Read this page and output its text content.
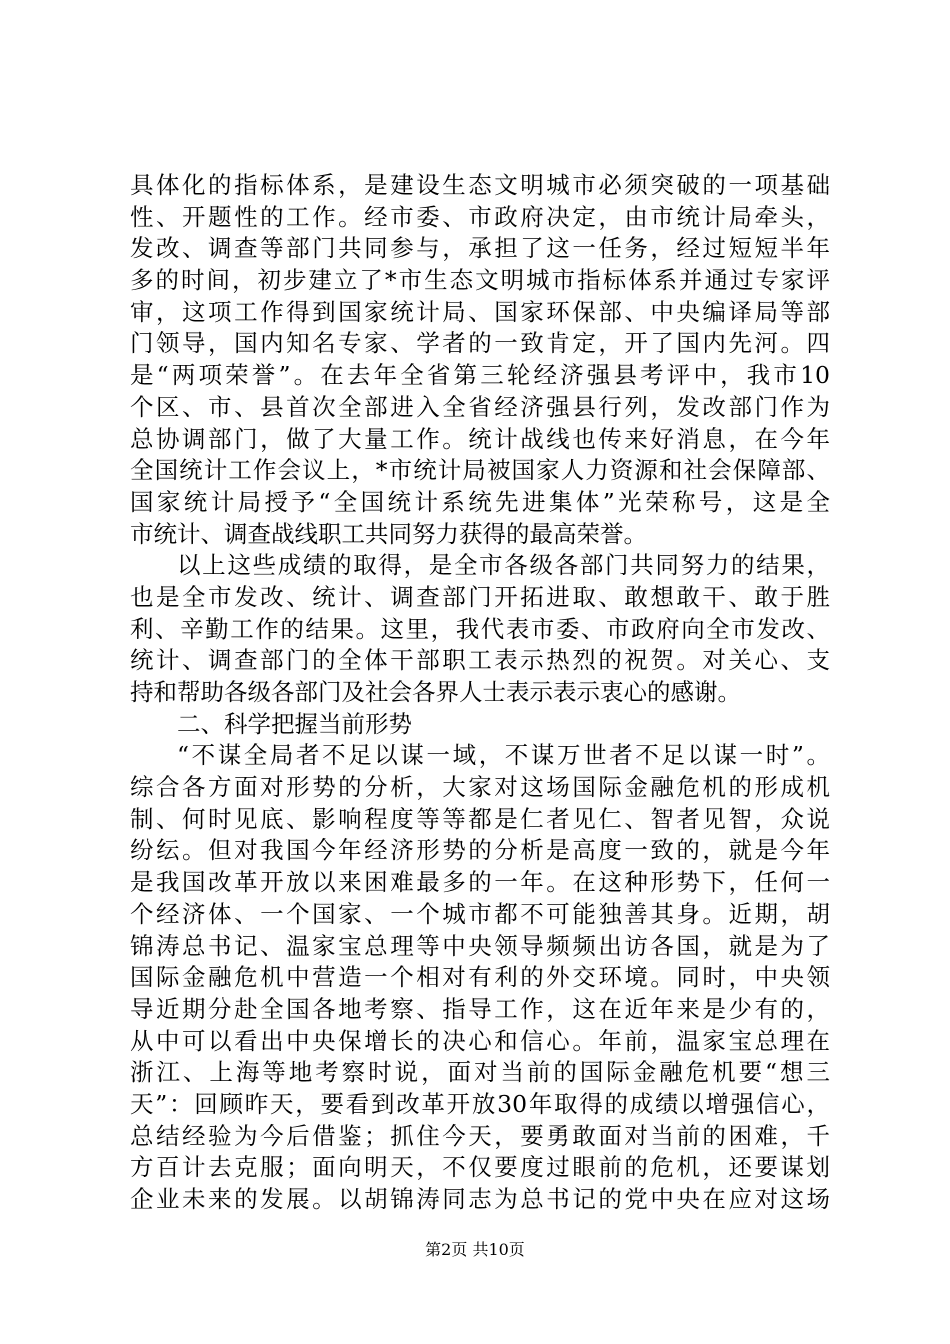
具体化的指标体系，是建设生态文明城市必须突破的一项基础
性、开题性的工作。经市委、市政府决定，由市统计局牵头，
发改、调查等部门共同参与，承担了这一任务，经过短短半年
多的时间，初步建立了*市生态文明城市指标体系并通过专家评
审，这项工作得到国家统计局、国家环保部、中央编译局等部
门领导，国内知名专家、学者的一致肯定，开了国内先河。四
是“两项荣誉”。在去年全省第三轮经济强县考评中，我市10
个区、市、县首次全部进入全省经济强县行列，发改部门作为
总协调部门，做了大量工作。统计战线也传来好消息，在今年
全国统计工作会议上，*市统计局被国家人力资源和社会保障部、
国家统计局授予“全国统计系统先进集体”光荣称号，这是全
市统计、调查战线职工共同努力获得的最高荣誉。
以上这些成绩的取得，是全市各级各部门共同努力的结果，
也是全市发改、统计、调查部门开拓进取、敢想敢干、敢于胜
利、辛勤工作的结果。这里，我代表市委、市政府向全市发改、
统计、调查部门的全体干部职工表示热烈的祝贺。对关心、支
持和帮助各级各部门及社会各界人士表示表示衷心的感谢。
二、科学把握当前形势
“不谋全局者不足以谋一域，不谋万世者不足以谋一时”。
综合各方面对形势的分析，大家对这场国际金融危机的形成机
制、何时见底、影响程度等等都是仁者见仁、智者见智，众说
纷纭。但对我国今年经济形势的分析是高度一致的，就是今年
是我国改革开放以来困难最多的一年。在这种形势下，任何一
个经济体、一个国家、一个城市都不可能独善其身。近期，胡
锦涛总书记、温家宝总理等中央领导频频出访各国，就是为了
国际金融危机中营造一个相对有利的外交环境。同时，中央领
导近期分赴全国各地考察、指导工作，这在近年来是少有的，
从中可以看出中央保增长的决心和信心。年前，温家宝总理在
浙江、上海等地考察时说，面对当前的国际金融危机要“想三
天”：回顾昨天，要看到改革开放30年取得的成绩以增强信心，
总结经验为今后借鉴；抓住今天，要勇敢面对当前的困难，千
方百计去克服；面向明天，不仅要度过眼前的危机，还要谋划
企业未来的发展。以胡锦涛同志为总书记的党中央在应对这场
第2页 共10页
